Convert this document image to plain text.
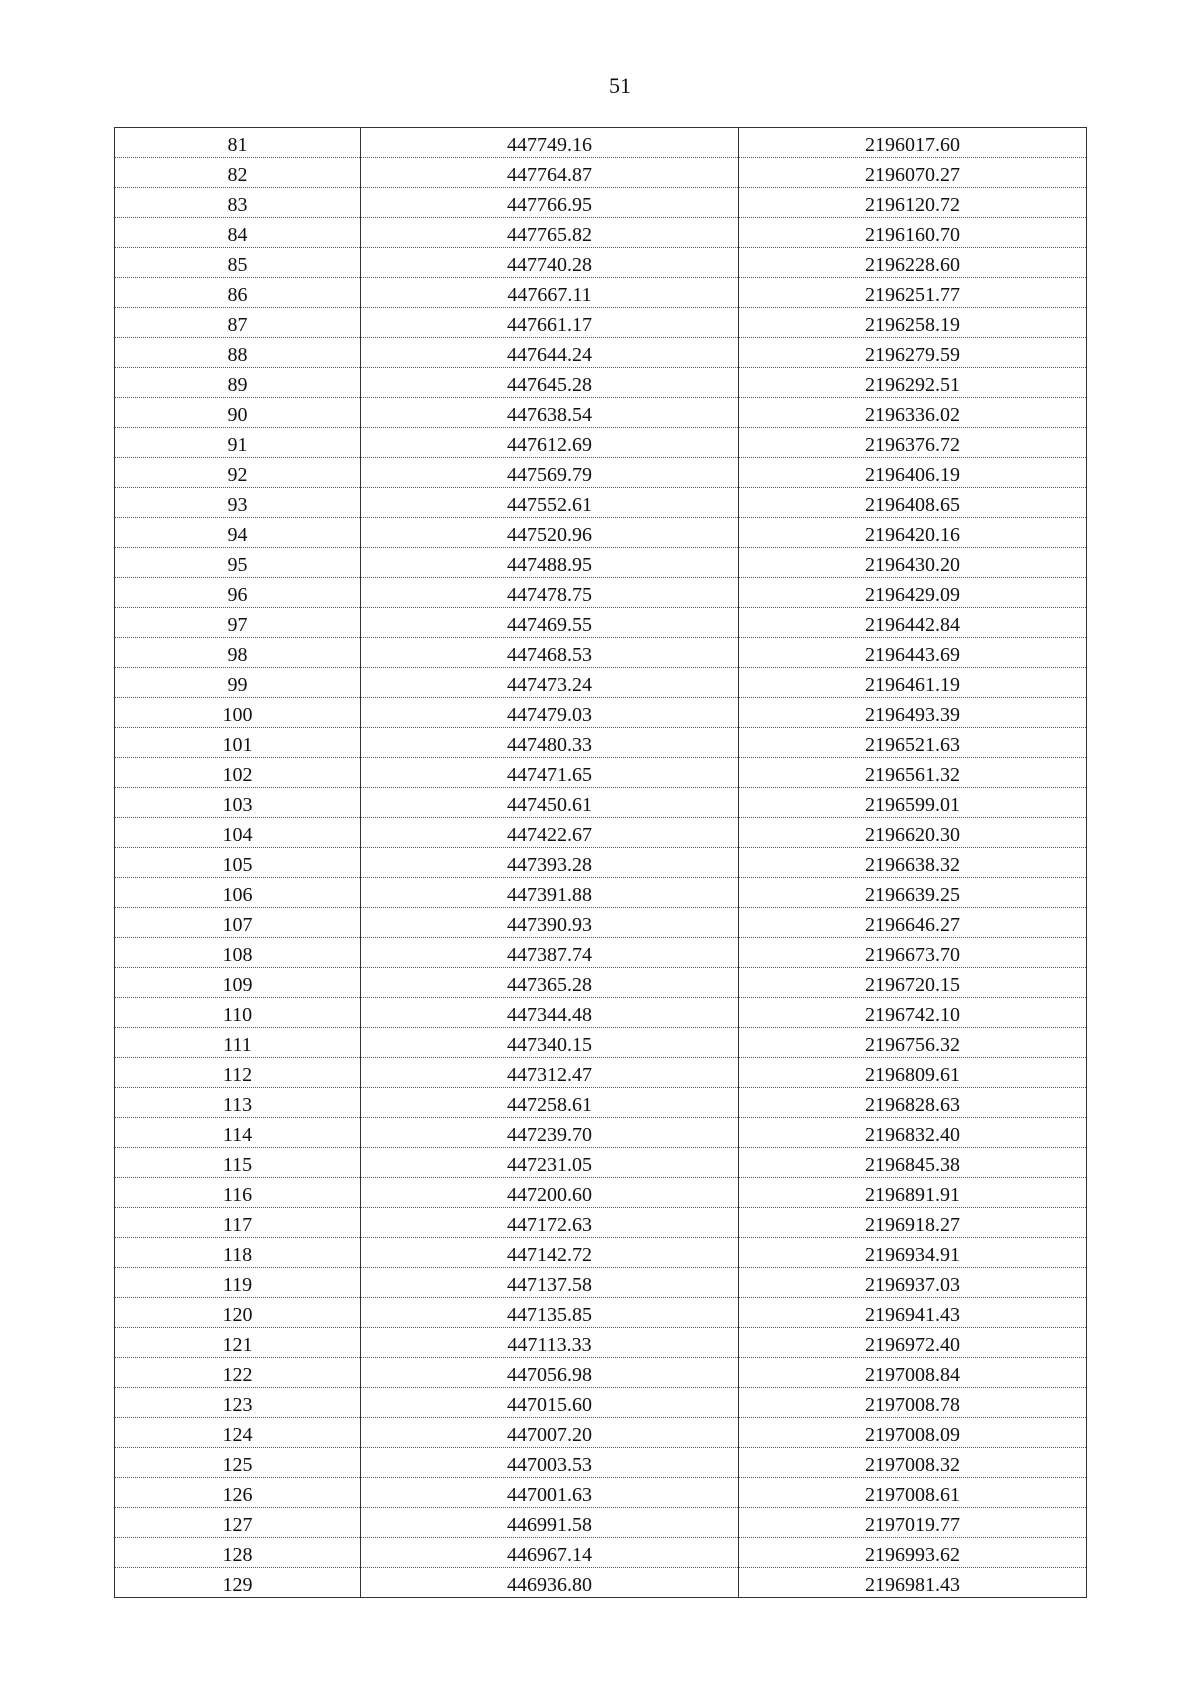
51
81	447749.16	2196017.60
82	447764.87	2196070.27
83	447766.95	2196120.72
84	447765.82	2196160.70
85	447740.28	2196228.60
86	447667.11	2196251.77
87	447661.17	2196258.19
88	447644.24	2196279.59
89	447645.28	2196292.51
90	447638.54	2196336.02
91	447612.69	2196376.72
92	447569.79	2196406.19
93	447552.61	2196408.65
94	447520.96	2196420.16
95	447488.95	2196430.20
96	447478.75	2196429.09
97	447469.55	2196442.84
98	447468.53	2196443.69
99	447473.24	2196461.19
100	447479.03	2196493.39
101	447480.33	2196521.63
102	447471.65	2196561.32
103	447450.61	2196599.01
104	447422.67	2196620.30
105	447393.28	2196638.32
106	447391.88	2196639.25
107	447390.93	2196646.27
108	447387.74	2196673.70
109	447365.28	2196720.15
110	447344.48	2196742.10
111	447340.15	2196756.32
112	447312.47	2196809.61
113	447258.61	2196828.63
114	447239.70	2196832.40
115	447231.05	2196845.38
116	447200.60	2196891.91
117	447172.63	2196918.27
118	447142.72	2196934.91
119	447137.58	2196937.03
120	447135.85	2196941.43
121	447113.33	2196972.40
122	447056.98	2197008.84
123	447015.60	2197008.78
124	447007.20	2197008.09
125	447003.53	2197008.32
126	447001.63	2197008.61
127	446991.58	2197019.77
128	446967.14	2196993.62
129	446936.80	2196981.43
